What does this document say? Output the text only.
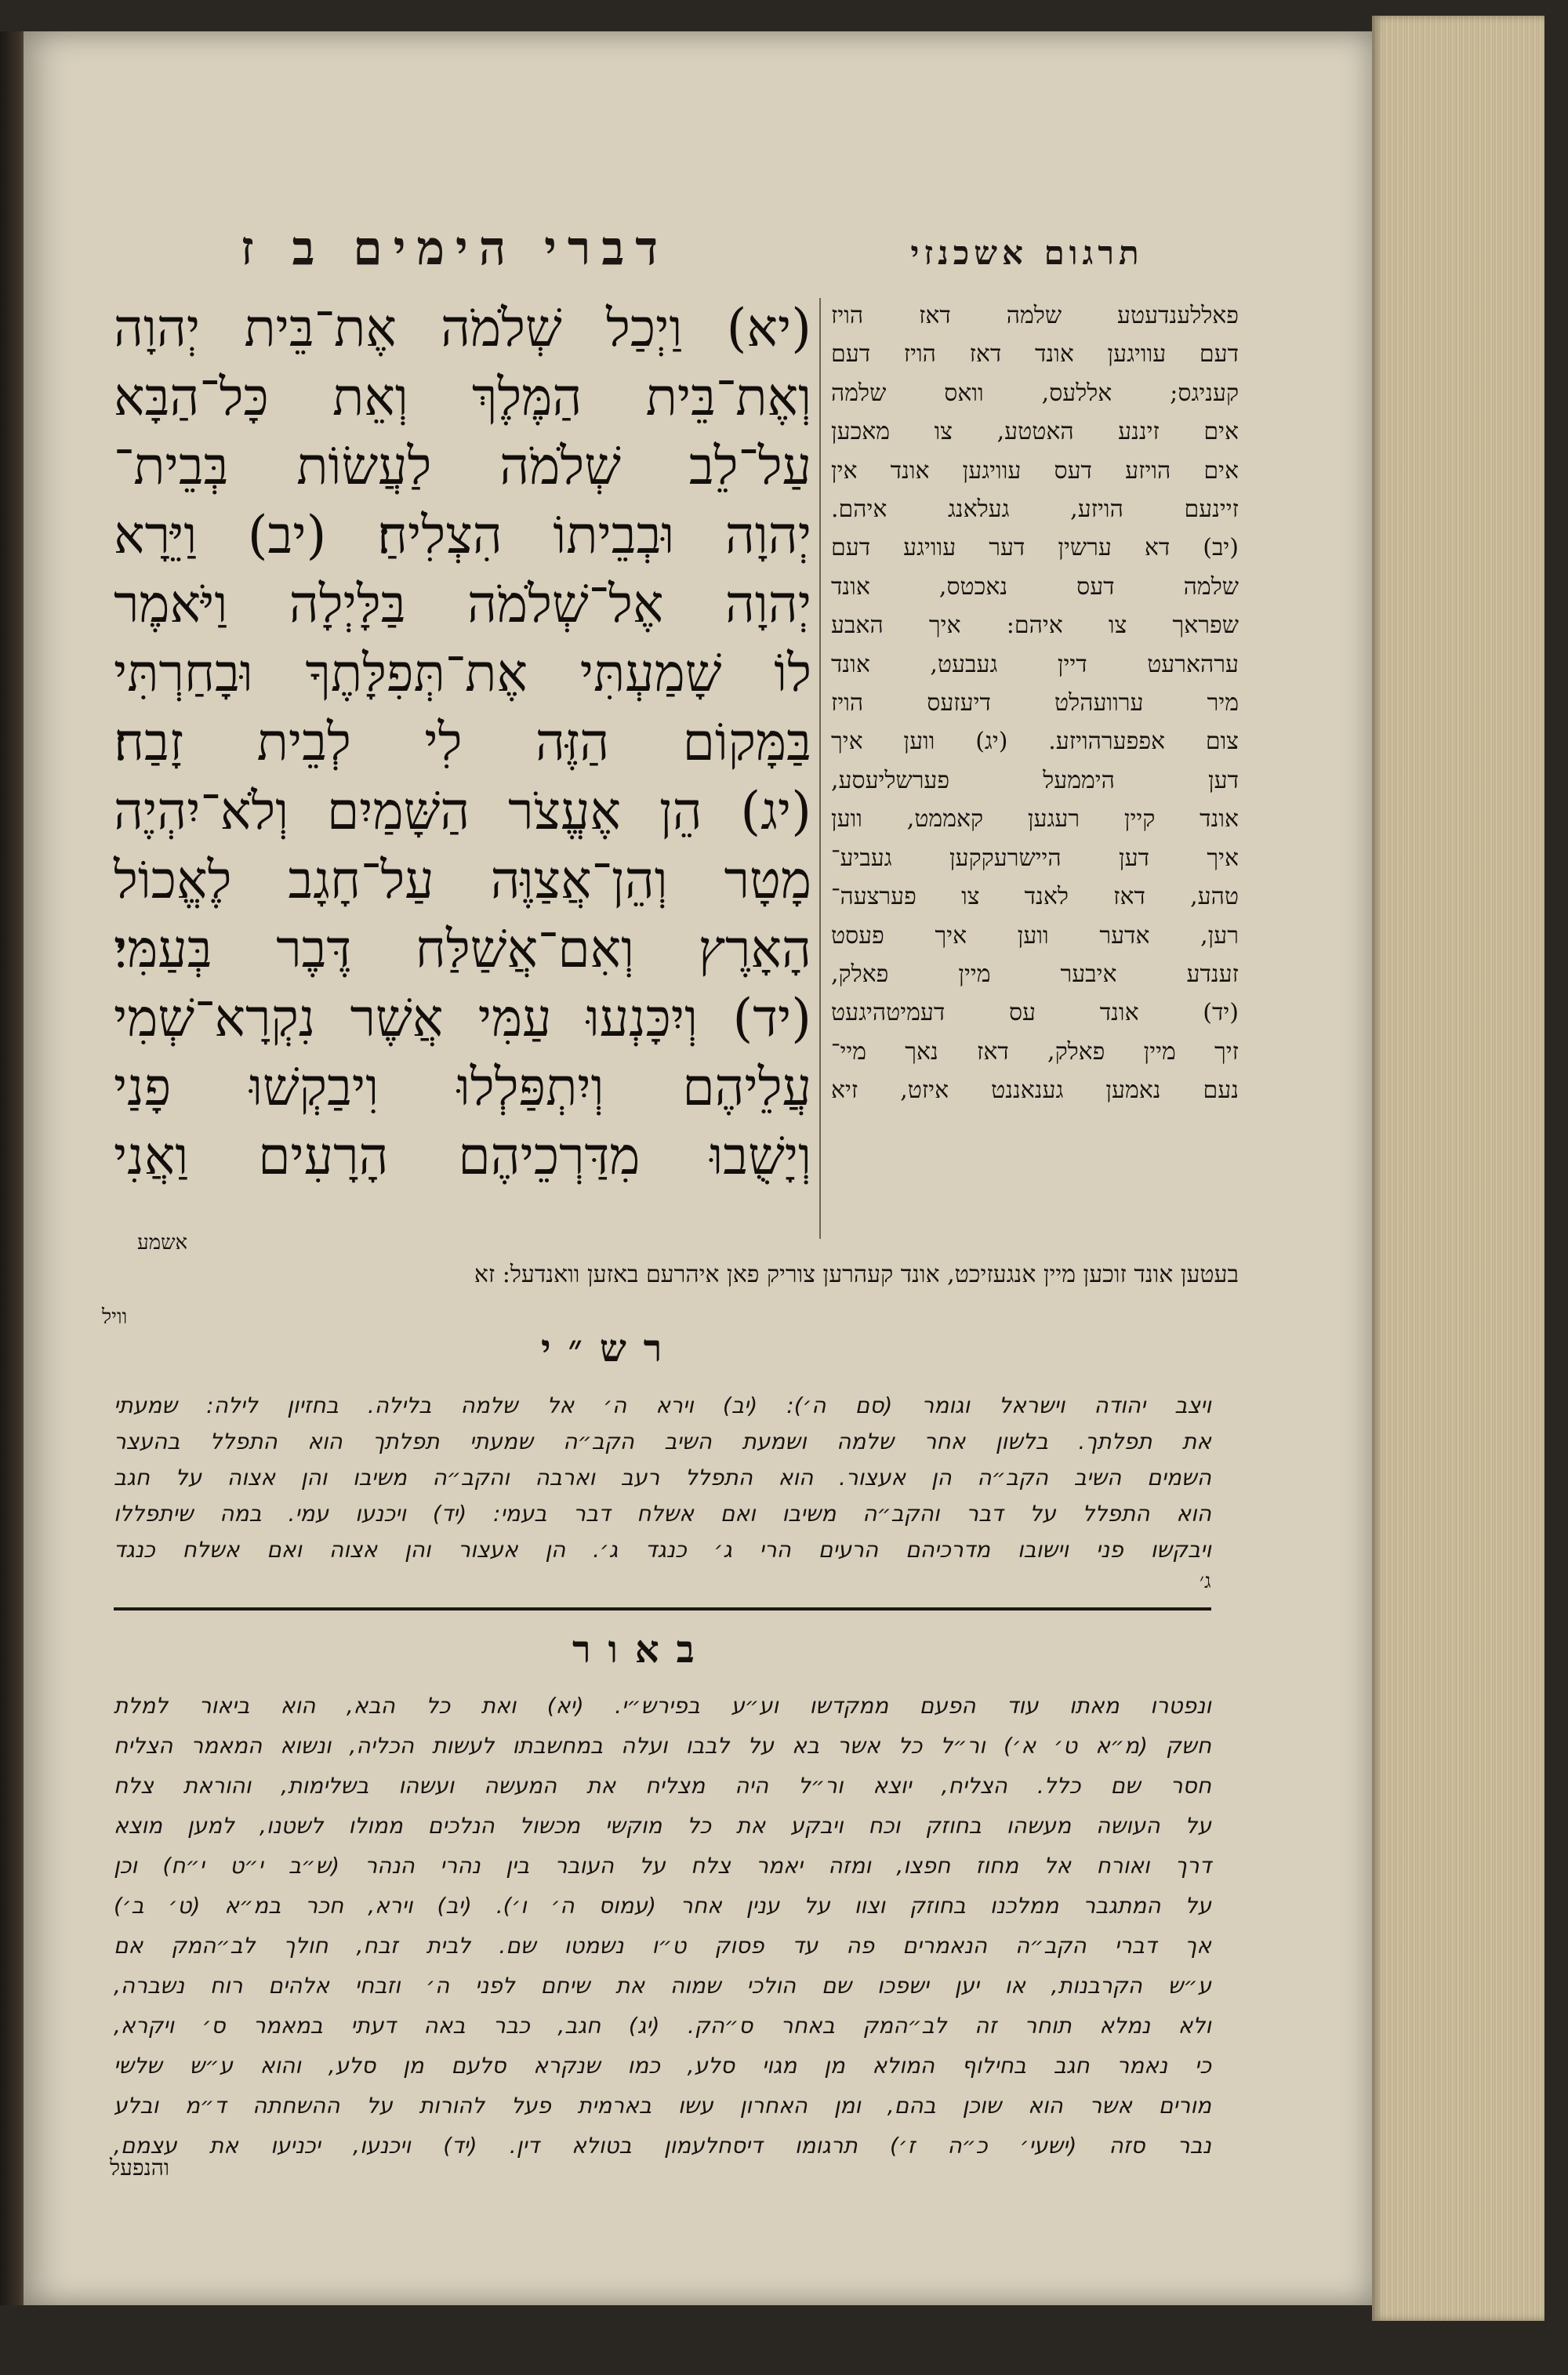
דברי הימים ב ז	תרגום אשכנזי
(יא) וַיְכַל שְׁלֹמֹה אֶת־בֵּית יְהוָה
וְאֶת־בֵּית הַמֶּלֶךְ וְאֵת כָּל־הַבָּא
עַל־לֵב שְׁלֹמֹה לַעֲשׂוֹת בְּבֵית־
יְהוָה וּבְבֵיתוֹ הִצְלִיחַ׃ (יב) וַיֵּרָא
יְהוָה אֶל־שְׁלֹמֹה בַּלָּיְלָה וַיֹּאמֶר
לוֹ שָׁמַעְתִּי אֶת־תְּפִלָּתֶךָ וּבָחַרְתִּי
בַּמָּקוֹם הַזֶּה לִי לְבֵית זָבַח׃
(יג) הֵן אֶעֱצֹר הַשָּׁמַיִם וְלֹא־יִהְיֶה
מָטָר וְהֵן־אֲצַוֶּה עַל־חָגָב לֶאֱכוֹל
הָאָרֶץ וְאִם־אֲשַׁלַּח דֶּבֶר בְּעַמִּי׃
(יד) וְיִכָּנְעוּ עַמִּי אֲשֶׁר נִקְרָא־שְׁמִי
עֲלֵיהֶם וְיִתְפַּלְלוּ וִיבַקְשׁוּ פָנַי
וְיָשֻׁבוּ מִדַּרְכֵיהֶם הָרָעִים וַאֲנִי
פאללענדעטע שלמה דאז הויז
דעם עוויגען אונד דאז הויז דעם
קעניגס; אללעס, וואס שלמה
אים זיננע האטטע, צו מאכען
אים הויזע דעס עוויגען אונד אין
זיינעם הויזע, געלאנג איהם.
(יב) דא ערשין דער עוויגע דעם
שלמה דעס נאכטס, אונד
שפראך צו איהם: איך האבע
ערהארעט דיין געבעט, אונד
מיר ערוועהלט דיעזעס הויז
צום אפפערהויזע. (יג) ווען איך
דען היממעל פערשליעסע,
אונד קיין רעגען קאממט, ווען
איך דען היישרעקקען געביע־
טהע, דאז לאנד צו פערצעה־
רען, אדער ווען איך פעסט
זענדע איבער מיין פאלק,
(יד) אונד עס דעמיטהיגעט
זיך מיין פאלק, דאז נאך מיי־
נעם נאמען גענאננט איזט, זיא
אשמע
בעטען אונד זוכען מיין אנגעזיכט, אונד קעהרען צוריק פאן איהרעם באזען וואנדעל: זא
וויל
רש״י
ויצב יהודה וישראל וגומר (סם ה׳): (יב) וירא ה׳ אל שלמה בלילה. בחזיון לילה: שמעתי
את תפלתך. בלשון אחר שלמה ושמעת השיב הקב״ה שמעתי תפלתך הוא התפלל בהעצר
השמים השיב הקב״ה הן אעצור. הוא התפלל רעב וארבה והקב״ה משיבו והן אצוה על חגב
הוא התפלל על דבר והקב״ה משיבו ואם אשלח דבר בעמי: (יד) ויכנעו עמי. במה שיתפללו
ויבקשו פני וישובו מדרכיהם הרעים הרי ג׳ כנגד ג׳. הן אעצור והן אצוה ואם אשלח כנגד
ג׳
באור
ונפטרו מאתו עוד הפעם ממקדשו וע״ע בפירש״י. (יא) ואת כל הבא, הוא ביאור למלת
חשק (מ״א ט׳ א׳) ור״ל כל אשר בא על לבבו ועלה במחשבתו לעשות הכליה, ונשוא המאמר הצליח
חסר שם כלל. הצליח, יוצא ור״ל היה מצליח את המעשה ועשהו בשלימות, והוראת צלח
על העושה מעשהו בחוזק וכח ויבקע את כל מוקשי מכשול הנלכים ממולו לשטנו, למען מוצא
דרך ואורח אל מחוז חפצו, ומזה יאמר צלח על העובר בין נהרי הנהר (ש״ב י״ט י״ח) וכן
על המתגבר ממלכנו בחוזק וצוו על ענין אחר (עמוס ה׳ ו׳). (יב) וירא, חכר במ״א (ט׳ ב׳)
אך דברי הקב״ה הנאמרים פה עד פסוק ט״ו נשמטו שם. לבית זבח, חולך לב״המק אם
ע״ש הקרבנות, או יען ישפכו שם הולכי שמוה את שיחם לפני ה׳ וזבחי אלהים רוח נשברה,
ולא נמלא תוחר זה לב״המק באחר ס״הק. (יג) חגב, כבר באה דעתי במאמר ס׳ ויקרא,
כי נאמר חגב בחילוף המולא מן מגוי סלע, כמו שנקרא סלעם מן סלע, והוא ע״ש שלשי
מורים אשר הוא שוכן בהם, ומן האחרון עשו בארמית פעל להורות על ההשחתה ד״מ ובלע
נבר סזה (ישעי׳ כ״ה ז׳) תרגומו דיסחלעמון בטולא דין. (יד) ויכנעו, יכניעו את עצמם,
והנפעל
